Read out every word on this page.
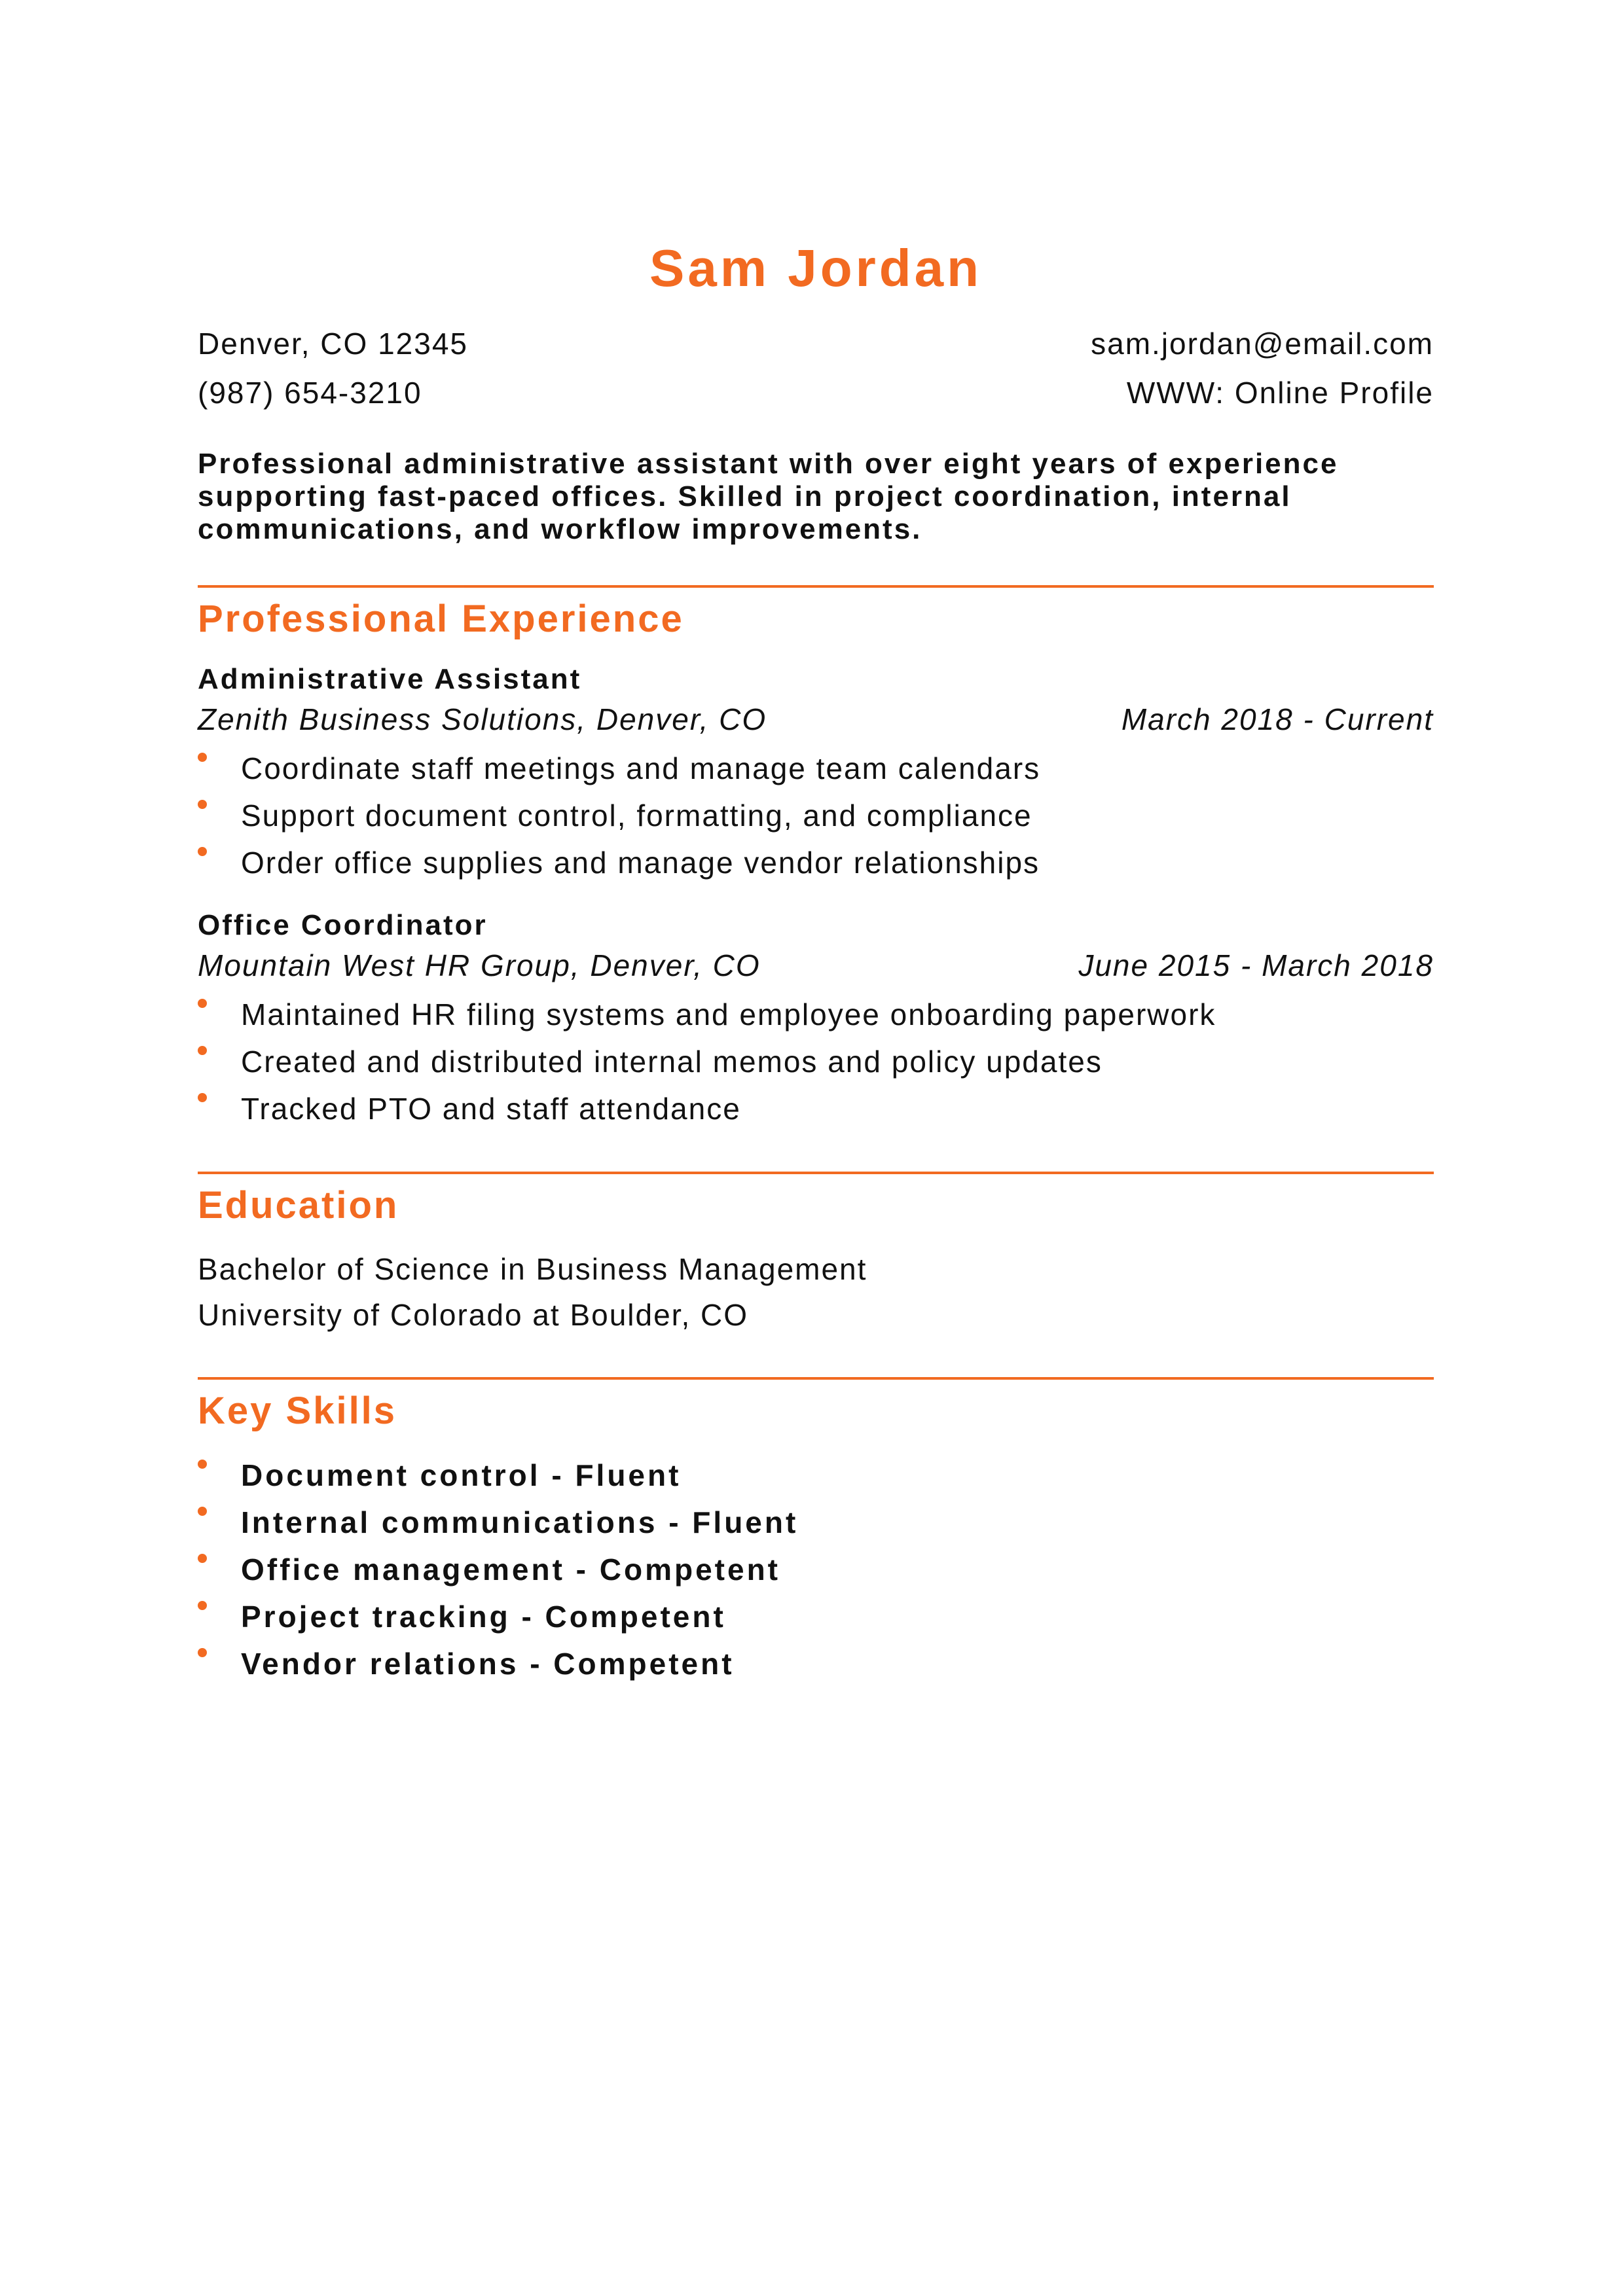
Sam Jordan
Denver, CO 12345	sam.jordan@email.com
(987) 654-3210	WWW: Online Profile
Professional administrative assistant with over eight years of experience supporting fast-paced offices. Skilled in project coordination, internal communications, and workflow improvements.
Professional Experience
Administrative Assistant
Zenith Business Solutions, Denver, CO	March 2018 - Current
Coordinate staff meetings and manage team calendars
Support document control, formatting, and compliance
Order office supplies and manage vendor relationships
Office Coordinator
Mountain West HR Group, Denver, CO	June 2015 - March 2018
Maintained HR filing systems and employee onboarding paperwork
Created and distributed internal memos and policy updates
Tracked PTO and staff attendance
Education
Bachelor of Science in Business Management
University of Colorado at Boulder, CO
Key Skills
Document control - Fluent
Internal communications - Fluent
Office management - Competent
Project tracking - Competent
Vendor relations - Competent
